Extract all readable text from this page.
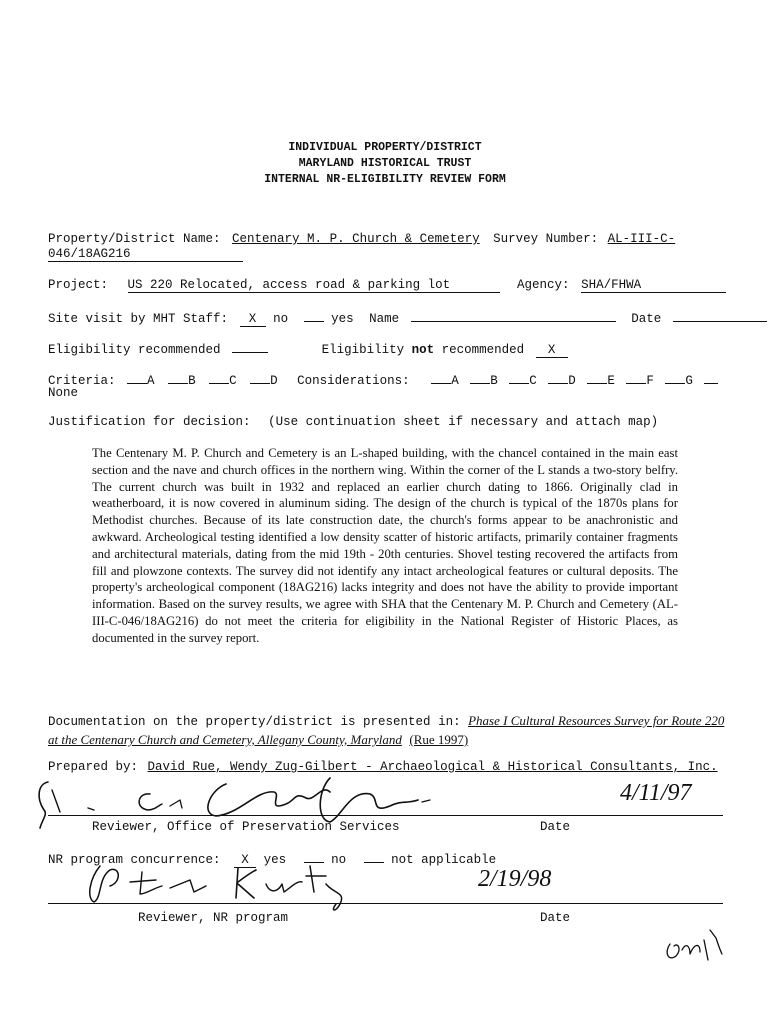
INDIVIDUAL PROPERTY/DISTRICT
MARYLAND HISTORICAL TRUST
INTERNAL NR-ELIGIBILITY REVIEW FORM
Property/District Name: Centenary M. P. Church & Cemetery Survey Number: AL-III-C-
046/18AG216
Project: US 220 Relocated, access road & parking lot	Agency: SHA/FHWA
Site visit by MHT Staff: X no	yes Name	Date
Eligibility recommended	Eligibility not recommended X
Criteria:	A	B	C	D Considerations:	A	B	C	D	E	F	G
None
Justification for decision: (Use continuation sheet if necessary and attach map)
The Centenary M. P. Church and Cemetery is an L-shaped building, with the chancel contained in the main east section and the nave and church offices in the northern wing. Within the corner of the L stands a two-story belfry. The current church was built in 1932 and replaced an earlier church dating to 1866. Originally clad in weatherboard, it is now covered in aluminum siding. The design of the church is typical of the 1870s plans for Methodist churches. Because of its late construction date, the church's forms appear to be anachronistic and awkward. Archeological testing identified a low density scatter of historic artifacts, primarily container fragments and architectural materials, dating from the mid 19th - 20th centuries. Shovel testing recovered the artifacts from fill and plowzone contexts. The survey did not identify any intact archeological features or cultural deposits. The property's archeological component (18AG216) lacks integrity and does not have the ability to provide important information. Based on the survey results, we agree with SHA that the Centenary M. P. Church and Cemetery (AL-III-C-046/18AG216) do not meet the criteria for eligibility in the National Register of Historic Places, as documented in the survey report.
Documentation on the property/district is presented in: Phase I Cultural Resources Survey for Route 220 at the Centenary Church and Cemetery, Allegany County, Maryland (Rue 1997)
Prepared by: David Rue, Wendy Zug-Gilbert - Archaeological & Historical Consultants, Inc.
4/11/97
Reviewer, Office of Preservation Services	Date
NR program concurrence: X yes	no	not applicable
2/19/98
Reviewer, NR program	Date
